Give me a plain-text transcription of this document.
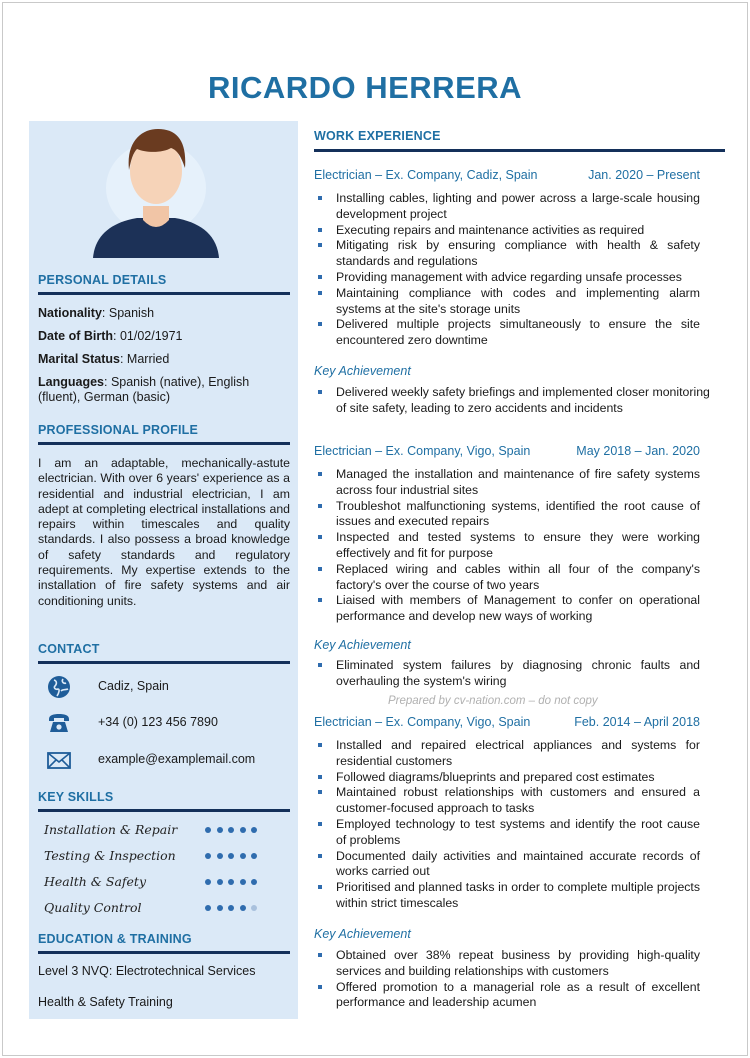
RICARDO HERRERA
PERSONAL DETAILS
Nationality: Spanish
Date of Birth: 01/02/1971
Marital Status: Married
Languages: Spanish (native), English (fluent), German (basic)
PROFESSIONAL PROFILE

I am an adaptable, mechanically-astute electrician. With over 6 years' experience as a residential and industrial electrician, I am adept at completing electrical installations and repairs within timescales and quality standards. I also possess a broad knowledge of safety standards and regulatory requirements. My expertise extends to the installation of fire safety systems and air conditioning units.

CONTACT
Cadiz, Spain
+34 (0) 123 456 7890
example@examplemail.com
KEY SKILLS
Installation & Repair
Testing & Inspection
Health & Safety
Quality Control
EDUCATION & TRAINING
Level 3 NVQ: Electrotechnical Services
Health & Safety Training
WORK EXPERIENCE
Electrician – Ex. Company, Cadiz, Spain	Jan. 2020 – Present
Installing cables, lighting and power across a large-scale housing development project
Executing repairs and maintenance activities as required
Mitigating risk by ensuring compliance with health & safety standards and regulations
Providing management with advice regarding unsafe processes
Maintaining compliance with codes and implementing alarm systems at the site's storage units
Delivered multiple projects simultaneously to ensure the site encountered zero downtime
Key Achievement
Delivered weekly safety briefings and implemented closer monitoring of site safety, leading to zero accidents and incidents
Electrician – Ex. Company, Vigo, Spain	May 2018 – Jan. 2020
Managed the installation and maintenance of fire safety systems across four industrial sites
Troubleshot malfunctioning systems, identified the root cause of issues and executed repairs
Inspected and tested systems to ensure they were working effectively and fit for purpose
Replaced wiring and cables within all four of the company's factory's over the course of two years
Liaised with members of Management to confer on operational performance and develop new ways of working
Key Achievement
Eliminated system failures by diagnosing chronic faults and overhauling the system's wiring
Prepared by cv-nation.com – do not copy
Electrician – Ex. Company, Vigo, Spain	Feb. 2014 – April 2018
Installed and repaired electrical appliances and systems for residential customers
Followed diagrams/blueprints and prepared cost estimates
Maintained robust relationships with customers and ensured a customer-focused approach to tasks
Employed technology to test systems and identify the root cause of problems
Documented daily activities and maintained accurate records of works carried out
Prioritised and planned tasks in order to complete multiple projects within strict timescales
Key Achievement
Obtained over 38% repeat business by providing high-quality services and building relationships with customers
Offered promotion to a managerial role as a result of excellent performance and leadership acumen
